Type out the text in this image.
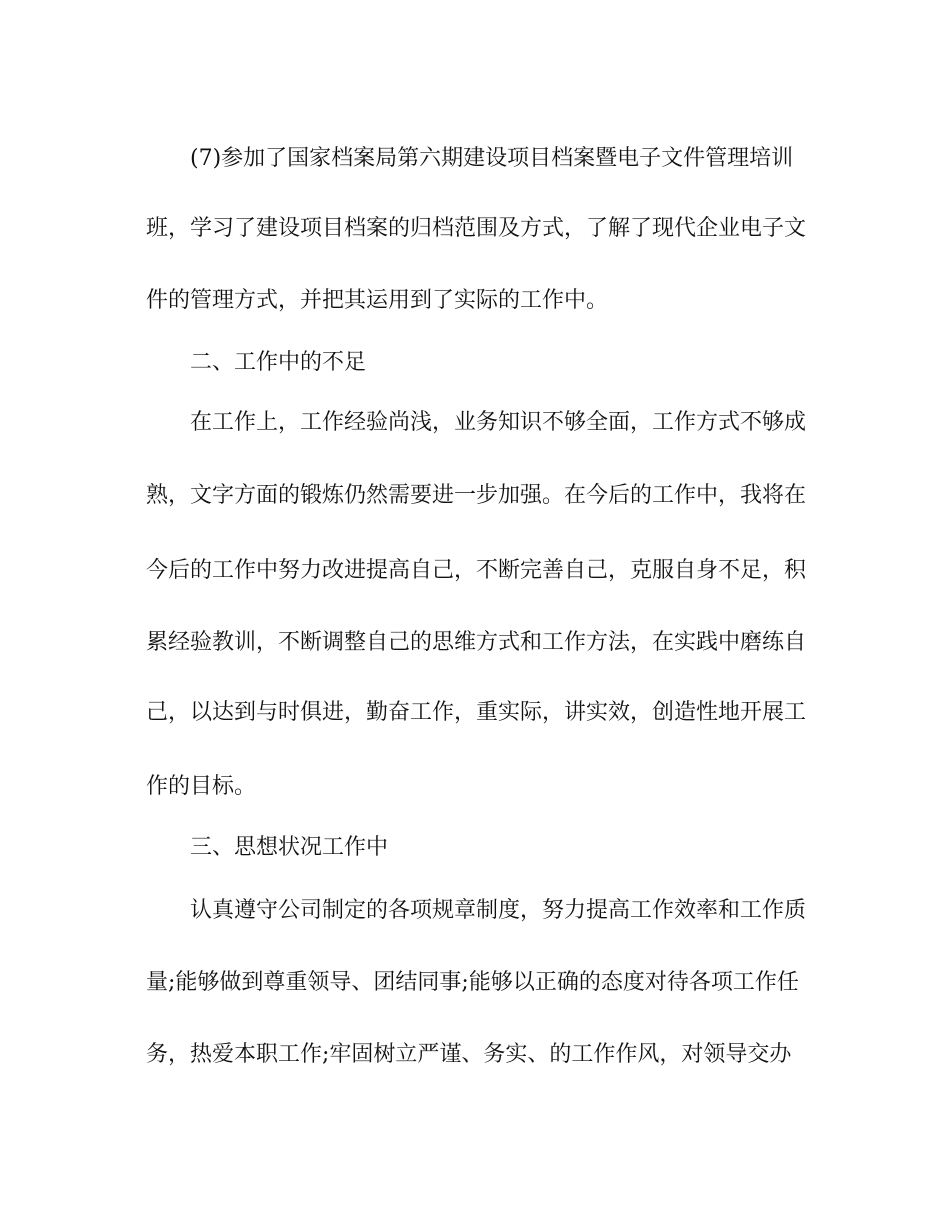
(7)参加了国家档案局第六期建设项目档案暨电子文件管理培训

班，学习了建设项目档案的归档范围及方式，了解了现代企业电子文

件的管理方式，并把其运用到了实际的工作中。

二、工作中的不足

在工作上，工作经验尚浅，业务知识不够全面，工作方式不够成

熟，文字方面的锻炼仍然需要进一步加强。在今后的工作中，我将在

今后的工作中努力改进提高自己，不断完善自己，克服自身不足，积

累经验教训，不断调整自己的思维方式和工作方法，在实践中磨练自

己，以达到与时俱进，勤奋工作，重实际，讲实效，创造性地开展工

作的目标。

三、思想状况工作中

认真遵守公司制定的各项规章制度，努力提高工作效率和工作质

量;能够做到尊重领导、团结同事;能够以正确的态度对待各项工作任

务，热爱本职工作;牢固树立严谨、务实、的工作作风，对领导交办
